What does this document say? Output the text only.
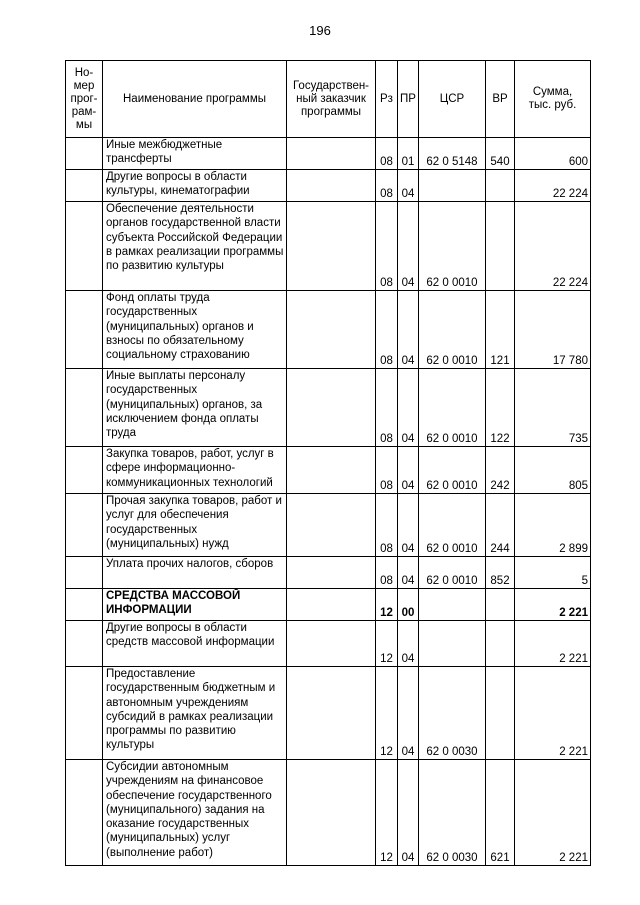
196
Но-
мер
прог-
рам-
мы	Наименование программы	Государствен-
ный заказчик
программы	Рз	ПР	ЦСР	ВР	Сумма,
тыс. руб.
	Иные межбюджетные трансферты		08	01	62 0 5148	540	600
	Другие вопросы в области культуры, кинематографии		08	04			22 224
	Обеспечение деятельности органов государственной власти субъекта Российской Федерации в рамках реализации программы по развитию культуры		08	04	62 0 0010		22 224
	Фонд оплаты труда государственных (муниципальных) органов и взносы по обязательному социальному страхованию		08	04	62 0 0010	121	17 780
	Иные выплаты персоналу государственных (муниципальных) органов, за исключением фонда оплаты труда		08	04	62 0 0010	122	735
	Закупка товаров, работ, услуг в сфере информационно-коммуникационных технологий		08	04	62 0 0010	242	805
	Прочая закупка товаров, работ и услуг для обеспечения государственных (муниципальных) нужд		08	04	62 0 0010	244	2 899
	Уплата прочих налогов, сборов		08	04	62 0 0010	852	5
	СРЕДСТВА МАССОВОЙ ИНФОРМАЦИИ		12	00			2 221
	Другие вопросы в области средств массовой информации		12	04			2 221
	Предоставление государственным бюджетным и автономным учреждениям субсидий в рамках реализации программы по развитию культуры		12	04	62 0 0030		2 221
	Субсидии автономным учреждениям на финансовое обеспечение государственного (муниципального) задания на оказание государственных (муниципальных) услуг (выполнение работ)		12	04	62 0 0030	621	2 221
